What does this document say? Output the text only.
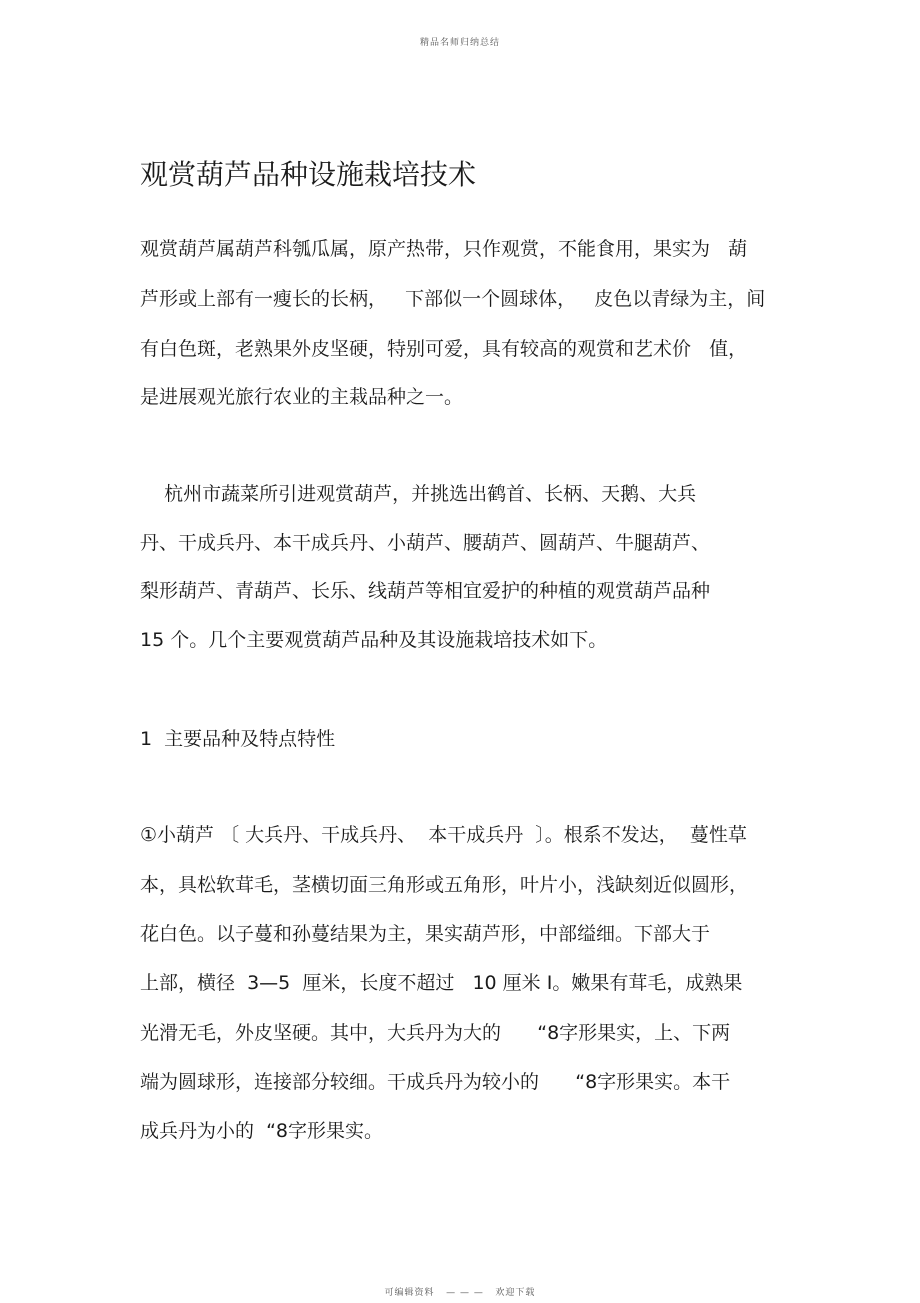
精品名师归纳总结
观赏葫芦品种设施栽培技术
观赏葫芦属葫芦科瓠瓜属，原产热带，只作观赏，不能食用，果实为   葫
芦形或上部有一瘦长的长柄，   下部似一个圆球体，   皮色以青绿为主，间
有白色斑，老熟果外皮坚硬，特别可爱，具有较高的观赏和艺术价   值，
是进展观光旅行农业的主栽品种之一。
杭州市蔬菜所引进观赏葫芦，并挑选出鹤首、长柄、天鹅、大兵
丹、干成兵丹、本干成兵丹、小葫芦、腰葫芦、圆葫芦、牛腿葫芦、
梨形葫芦、青葫芦、长乐、线葫芦等相宜爱护的种植的观赏葫芦品种
15 个。几个主要观赏葫芦品种及其设施栽培技术如下。
1  主要品种及特点特性
①小葫芦 〔 大兵丹、干成兵丹、  本干成兵丹  〕。根系不发达，  蔓性草
本，具松软茸毛，茎横切面三角形或五角形，叶片小，浅缺刻近似圆形，
花白色。以子蔓和孙蔓结果为主，果实葫芦形，中部缢细。下部大于
上部，横径  3—5  厘米，长度不超过   10 厘米 I。嫩果有茸毛，成熟果
光滑无毛，外皮坚硬。其中，大兵丹为大的      “8字形果实，上、下两
端为圆球形，连接部分较细。干成兵丹为较小的      “8字形果实。本干
成兵丹为小的  “8字形果实。
可编辑资料   — — —   欢迎下载
